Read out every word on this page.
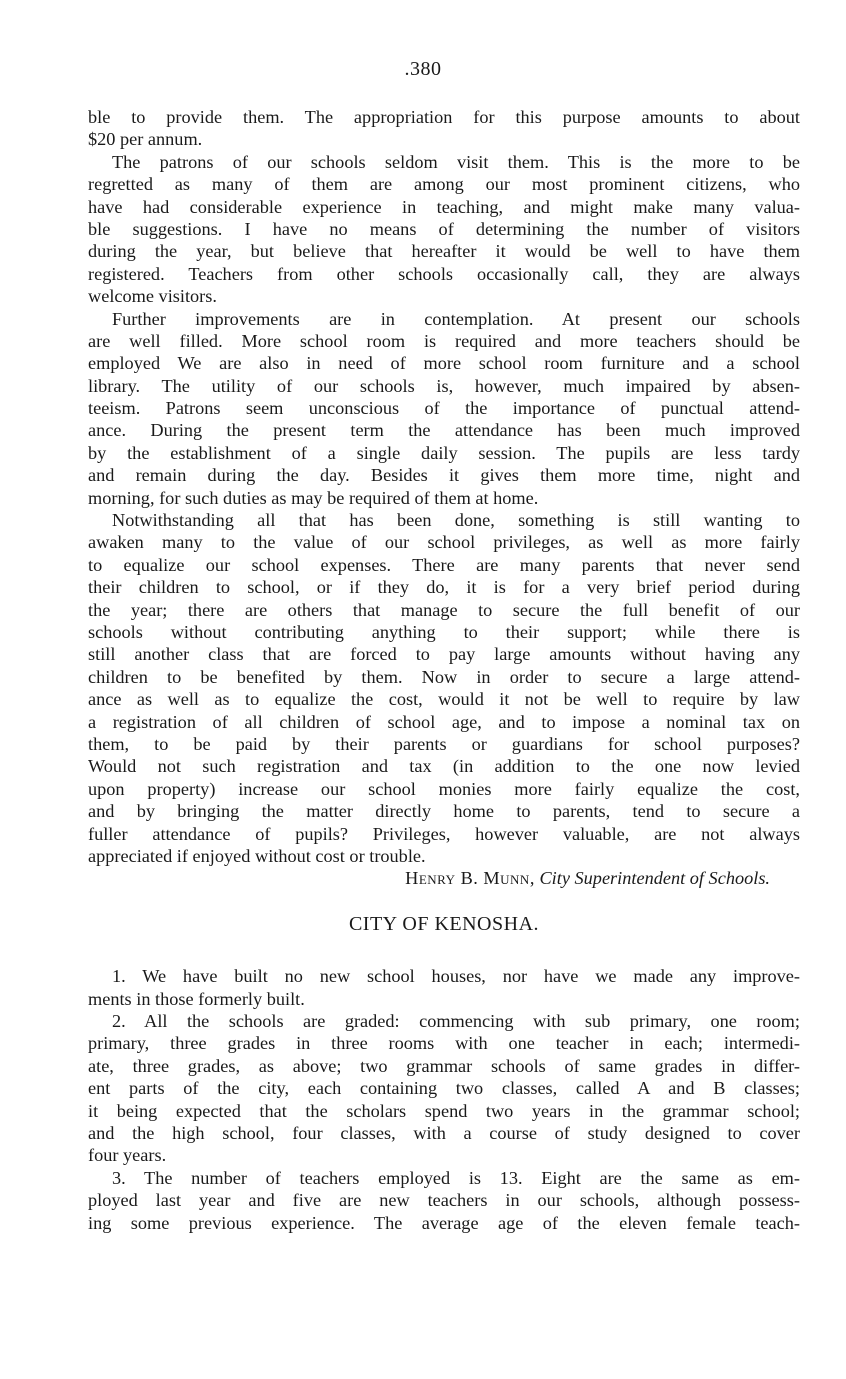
.380
ble to provide them. The appropriation for this purpose amounts to about
$20 per annum.
The patrons of our schools seldom visit them. This is the more to be
regretted as many of them are among our most prominent citizens, who
have had considerable experience in teaching, and might make many valua-
ble suggestions. I have no means of determining the number of visitors
during the year, but believe that hereafter it would be well to have them
registered. Teachers from other schools occasionally call, they are always
welcome visitors.
Further improvements are in contemplation. At present our schools
are well filled. More school room is required and more teachers should be
employed We are also in need of more school room furniture and a school
library. The utility of our schools is, however, much impaired by absen-
teeism. Patrons seem unconscious of the importance of punctual attend-
ance. During the present term the attendance has been much improved
by the establishment of a single daily session. The pupils are less tardy
and remain during the day. Besides it gives them more time, night and
morning, for such duties as may be required of them at home.
Notwithstanding all that has been done, something is still wanting to
awaken many to the value of our school privileges, as well as more fairly
to equalize our school expenses. There are many parents that never send
their children to school, or if they do, it is for a very brief period during
the year; there are others that manage to secure the full benefit of our
schools without contributing anything to their support; while there is
still another class that are forced to pay large amounts without having any
children to be benefited by them. Now in order to secure a large attend-
ance as well as to equalize the cost, would it not be well to require by law
a registration of all children of school age, and to impose a nominal tax on
them, to be paid by their parents or guardians for school purposes?
Would not such registration and tax (in addition to the one now levied
upon property) increase our school monies more fairly equalize the cost,
and by bringing the matter directly home to parents, tend to secure a
fuller attendance of pupils? Privileges, however valuable, are not always
appreciated if enjoyed without cost or trouble.
Henry B. Munn, City Superintendent of Schools.
CITY OF KENOSHA.
1. We have built no new school houses, nor have we made any improve-
ments in those formerly built.
2. All the schools are graded: commencing with sub primary, one room;
primary, three grades in three rooms with one teacher in each; intermedi-
ate, three grades, as above; two grammar schools of same grades in differ-
ent parts of the city, each containing two classes, called A and B classes;
it being expected that the scholars spend two years in the grammar school;
and the high school, four classes, with a course of study designed to cover
four years.
3. The number of teachers employed is 13. Eight are the same as em-
ployed last year and five are new teachers in our schools, although possess-
ing some previous experience. The average age of the eleven female teach-
